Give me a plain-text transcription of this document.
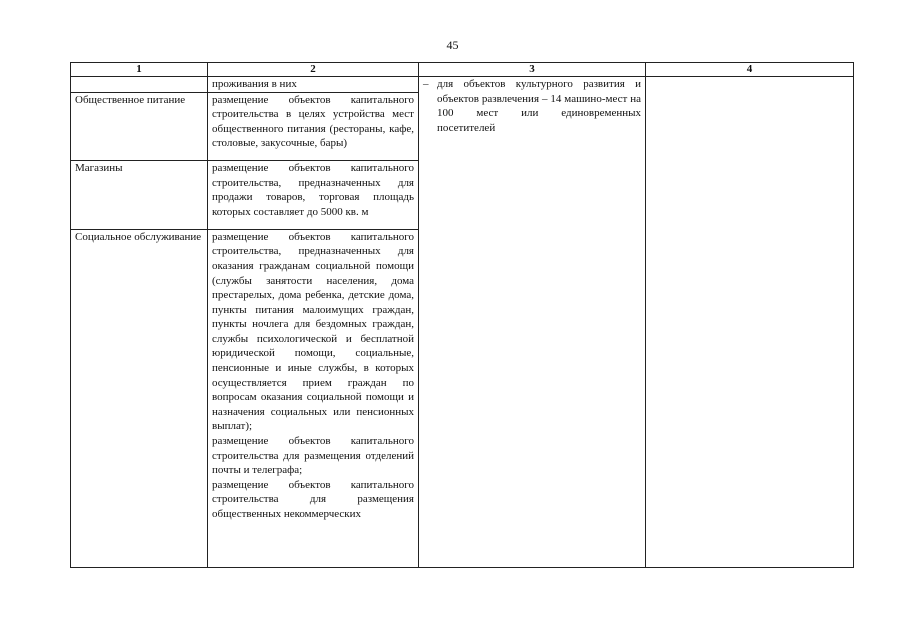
45
1	2	3	4
	проживания в них	– для объектов культурного развития и объектов развлечения – 14 машино-мест на 100 мест или единовременных посетителей	

Общественное питание	размещение объектов капитального строительства в целях устройства мест общественного питания (рестораны, кафе, столовые, закусочные, бары)		
Магазины	размещение объектов капитального строительства, предназначенных для продажи товаров, торговая площадь которых составляет до 5000 кв. м		
Социальное обслуживание	размещение объектов капитального строительства, предназначенных для оказания гражданам социальной помощи (службы занятости населения, дома престарелых, дома ребенка, детские дома, пункты питания малоимущих граждан, пункты ночлега для бездомных граждан, службы психологической и бесплатной юридической помощи, социальные, пенсионные и иные службы, в которых осуществляется прием граждан по вопросам оказания социальной помощи и назначения социальных или пенсионных выплат);
размещение объектов капитального строительства для размещения отделений почты и телеграфа;
размещение объектов капитального строительства для размещения общественных некоммерческих		
